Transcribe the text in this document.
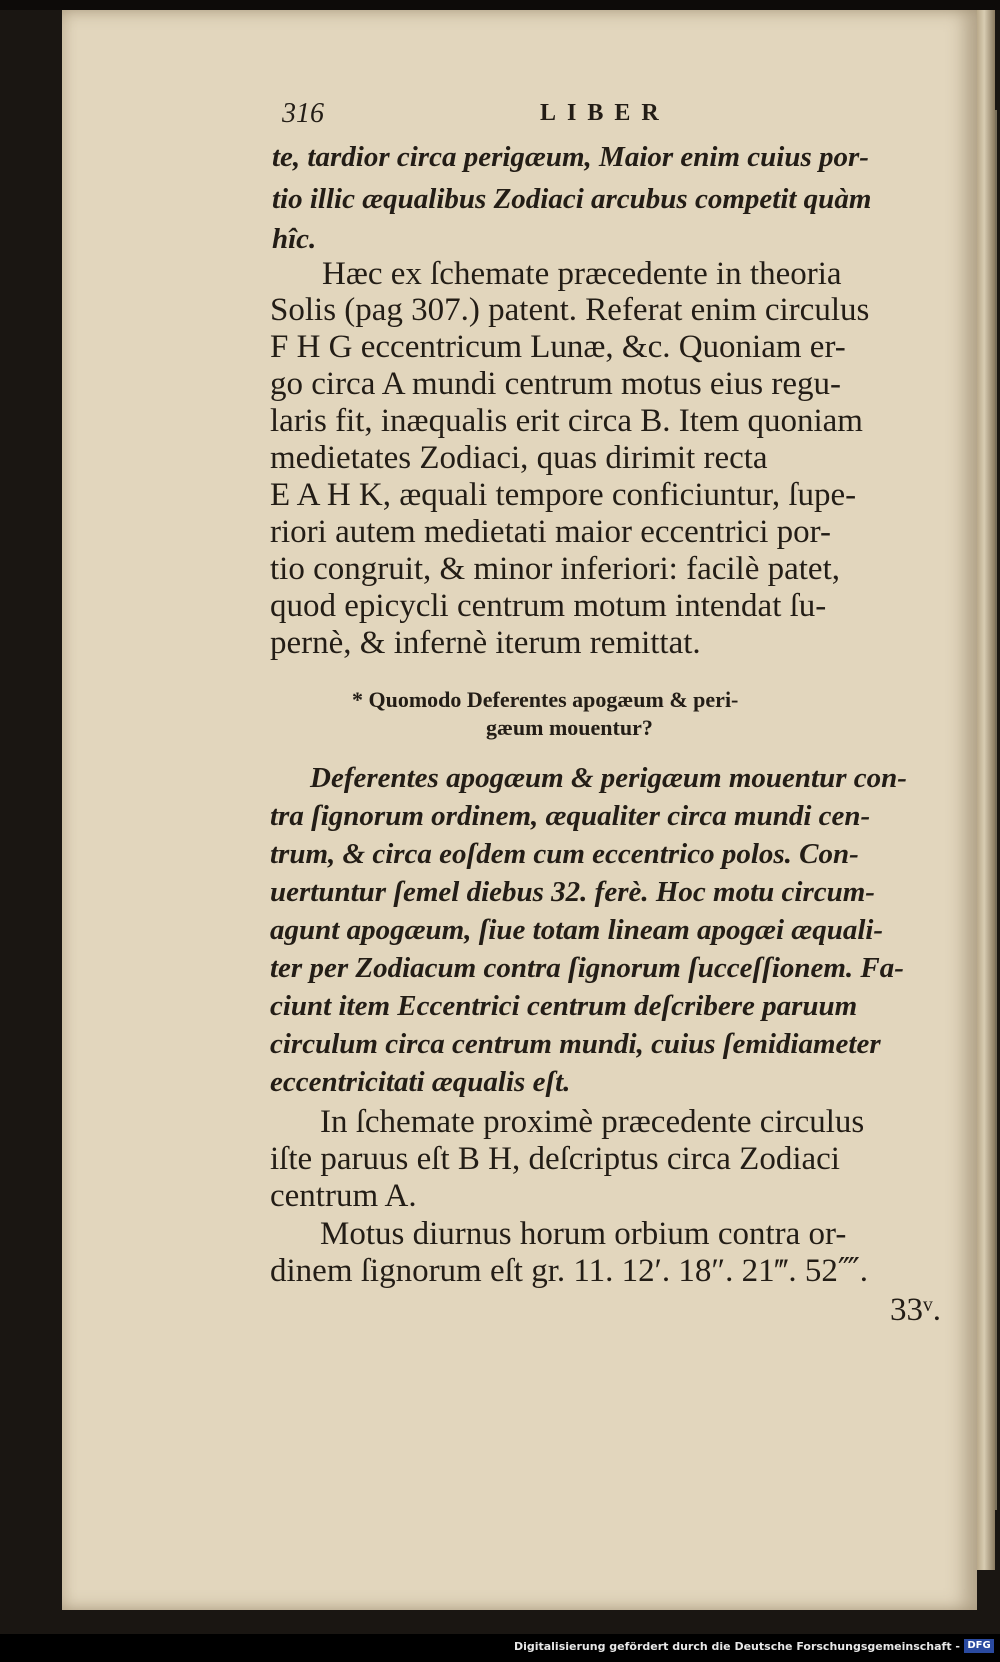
316	LIBER
te, tardior circa perigæum, Maior enim cuius por-
tio illic æqualibus Zodiaci arcubus competit quàm
hîc.
Hæc ex ſchemate præcedente in theoria
Solis (pag 307.) patent. Referat enim circulus
F H G eccentricum Lunæ, &c. Quoniam er-
go circa A mundi centrum motus eius regu-
laris fit, inæqualis erit circa B. Item quoniam
medietates Zodiaci, quas dirimit recta
E A H K, æquali tempore conficiuntur, ſupe-
riori autem medietati maior eccentrici por-
tio congruit, & minor inferiori: facilè patet,
quod epicycli centrum motum intendat ſu-
pernè, & infernè iterum remittat.
* Quomodo Deferentes apogæum & peri-
gæum mouentur?
Deferentes apogæum & perigæum mouentur con-
tra ſignorum ordinem, æqualiter circa mundi cen-
trum, & circa eoſdem cum eccentrico polos. Con-
uertuntur ſemel diebus 32. ferè. Hoc motu circum-
agunt apogæum, ſiue totam lineam apogæi æquali-
ter per Zodiacum contra ſignorum ſucceſſionem. Fa-
ciunt item Eccentrici centrum deſcribere paruum
circulum circa centrum mundi, cuius ſemidiameter
eccentricitati æqualis eſt.
In ſchemate proximè præcedente circulus
iſte paruus eſt B H, deſcriptus circa Zodiaci
centrum A.
Motus diurnus horum orbium contra or-
dinem ſignorum eſt gr. 11. 12′. 18″. 21‴. 52⁗.
33ᵛ.
Digitalisierung gefördert durch die Deutsche Forschungsgemeinschaft - DFG
